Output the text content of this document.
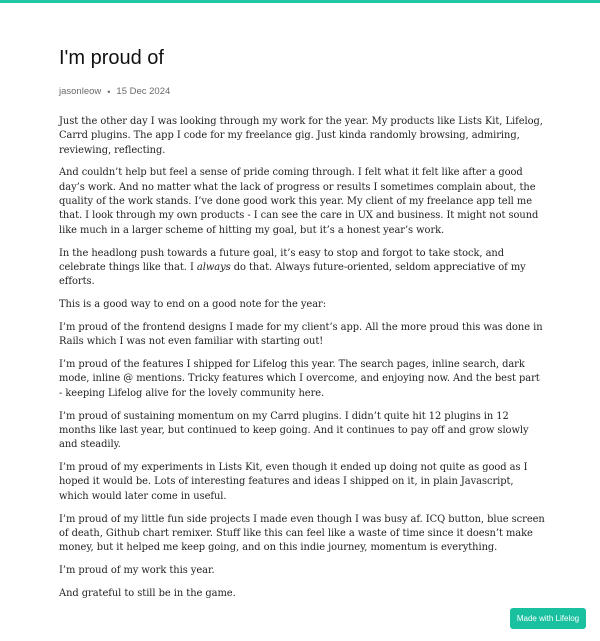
I'm proud of
jasonleow • 15 Dec 2024

Just the other day I was looking through my work for the year. My products like Lists Kit, Lifelog, Carrd plugins. The app I code for my freelance gig. Just kinda randomly browsing, admiring, reviewing, reflecting.

And couldn’t help but feel a sense of pride coming through. I felt what it felt like after a good day’s work. And no matter what the lack of progress or results I sometimes complain about, the quality of the work stands. I’ve done good work this year. My client of my freelance app tell me that. I look through my own products - I can see the care in UX and business. It might not sound like much in a larger scheme of hitting my goal, but it’s a honest year’s work.

In the headlong push towards a future goal, it’s easy to stop and forgot to take stock, and celebrate things like that. I always do that. Always future-oriented, seldom appreciative of my efforts.

This is a good way to end on a good note for the year:

I’m proud of the frontend designs I made for my client’s app. All the more proud this was done in Rails which I was not even familiar with starting out!

I’m proud of the features I shipped for Lifelog this year. The search pages, inline search, dark mode, inline @ mentions. Tricky features which I overcome, and enjoying now. And the best part - keeping Lifelog alive for the lovely community here.

I’m proud of sustaining momentum on my Carrd plugins. I didn’t quite hit 12 plugins in 12 months like last year, but continued to keep going. And it continues to pay off and grow slowly and steadily.

I’m proud of my experiments in Lists Kit, even though it ended up doing not quite as good as I hoped it would be. Lots of interesting features and ideas I shipped on it, in plain Javascript, which would later come in useful.

I’m proud of my little fun side projects I made even though I was busy af. ICQ button, blue screen of death, Github chart remixer. Stuff like this can feel like a waste of time since it doesn’t make money, but it helped me keep going, and on this indie journey, momentum is everything.

I’m proud of my work this year.

And grateful to still be in the game.

Made with Lifelog
